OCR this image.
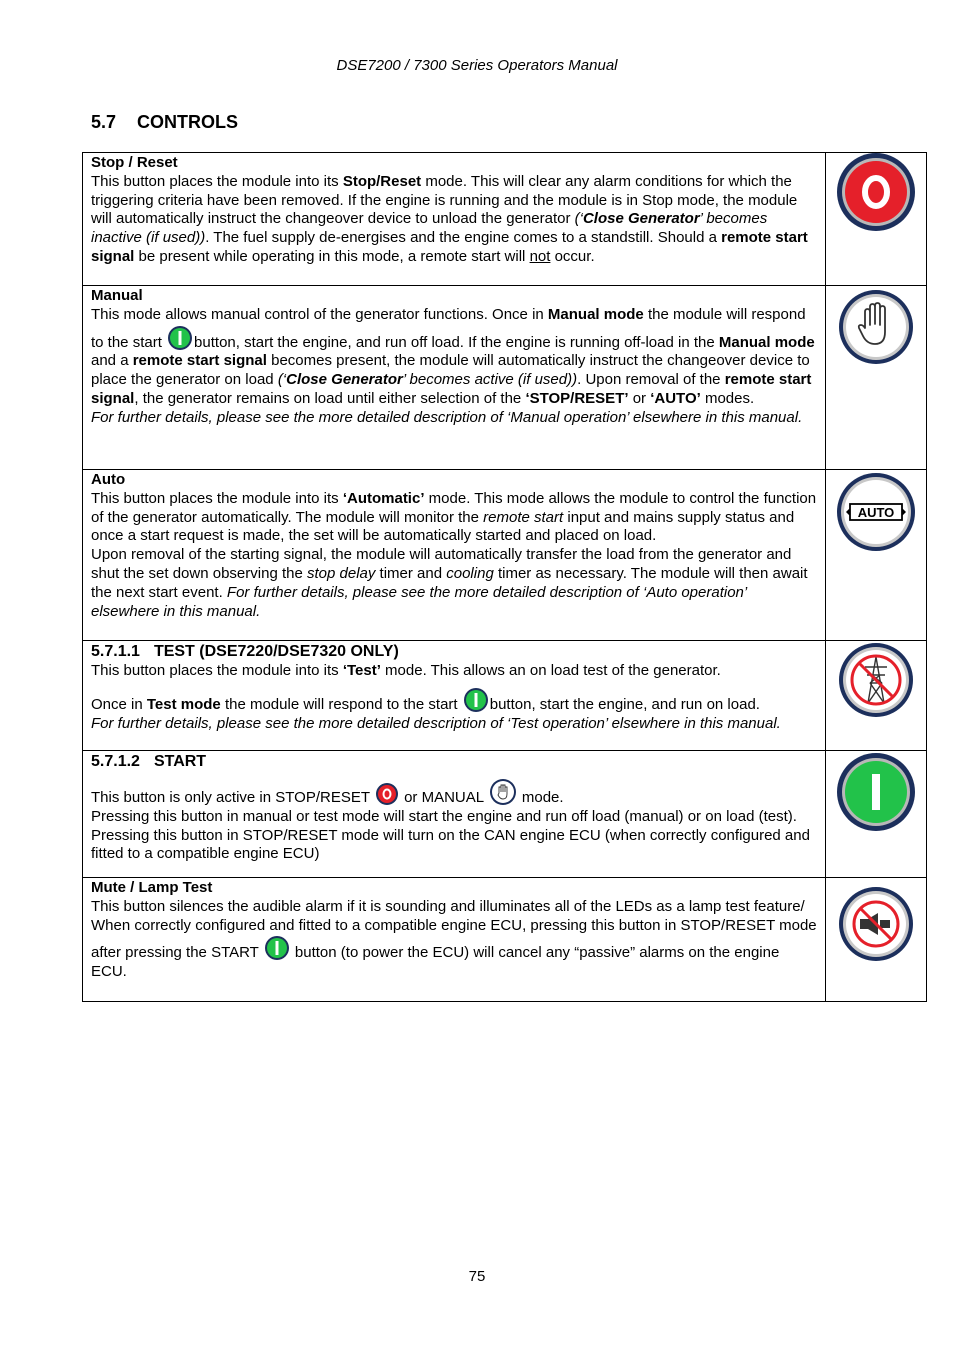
DSE7200 / 7300 Series Operators Manual
5.7 CONTROLS
Stop / Reset
This button places the module into its Stop/Reset mode. This will clear any alarm conditions for which the triggering criteria have been removed. If the engine is running and the module is in Stop mode, the module will automatically instruct the changeover device to unload the generator (‘Close Generator’ becomes inactive (if used)). The fuel supply de-energises and the engine comes to a standstill. Should a remote start signal be present while operating in this mode, a remote start will not occur.

Manual
This mode allows manual control of the generator functions. Once in Manual mode the module will respond to the start button, start the engine, and run off load. If the engine is running off-load in the Manual mode and a remote start signal becomes present, the module will automatically instruct the changeover device to place the generator on load (‘Close Generator’ becomes active (if used)). Upon removal of the remote start signal, the generator remains on load until either selection of the ‘STOP/RESET’ or ‘AUTO’ modes.
For further details, please see the more detailed description of ‘Manual operation’ elsewhere in this manual.

Auto
This button places the module into its ‘Automatic’ mode. This mode allows the module to control the function of the generator automatically. The module will monitor the remote start input and mains supply status and once a start request is made, the set will be automatically started and placed on load.
Upon removal of the starting signal, the module will automatically transfer the load from the generator and shut the set down observing the stop delay timer and cooling timer as necessary. The module will then await the next start event. For further details, please see the more detailed description of ‘Auto operation’ elsewhere in this manual.	AUTO

5.7.1.1 TEST (DSE7220/DSE7320 ONLY)
This button places the module into its ‘Test’ mode. This allows an on load test of the generator.
Once in Test mode the module will respond to the start button, start the engine, and run on load.
For further details, please see the more detailed description of ‘Test operation’ elsewhere in this manual.

5.7.1.2 START
This button is only active in STOP/RESET  or MANUAL  mode.
Pressing this button in manual or test mode will start the engine and run off load (manual) or on load (test).
Pressing this button in STOP/RESET mode will turn on the CAN engine ECU (when correctly configured and fitted to a compatible engine ECU)

Mute / Lamp Test
This button silences the audible alarm if it is sounding and illuminates all of the LEDs as a lamp test feature/
When correctly configured and fitted to a compatible engine ECU, pressing this button in STOP/RESET mode after pressing the START  button (to power the ECU) will cancel any “passive” alarms on the engine ECU.

75
